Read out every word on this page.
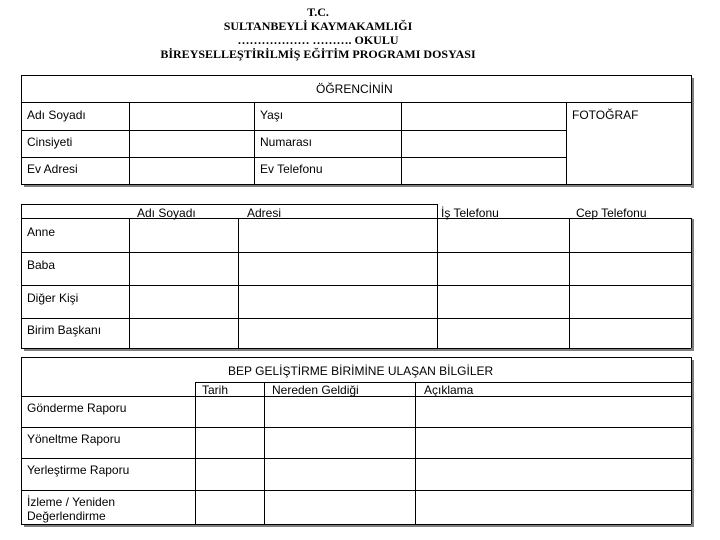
T.C.
SULTANBEYLİ KAYMAKAMLIĞI
……………… ………. OKULU
BİREYSELLEŞTİRİLMİŞ EĞİTİM PROGRAMI DOSYASI
ÖĞRENCİNİN
Adı Soyadı	Yaşı	FOTOĞRAF
Cinsiyeti	Numarası
Ev Adresi	Ev Telefonu
Adı Soyadı	Adresi	İş Telefonu	Cep Telefonu
Anne
Baba
Diğer Kişi
Birim Başkanı
BEP GELİŞTİRME BİRİMİNE ULAŞAN BİLGİLER
Tarih	Nereden Geldiği	Açıklama
Gönderme Raporu
Yöneltme Raporu
Yerleştirme Raporu
İzleme / Yeniden
Değerlendirme
